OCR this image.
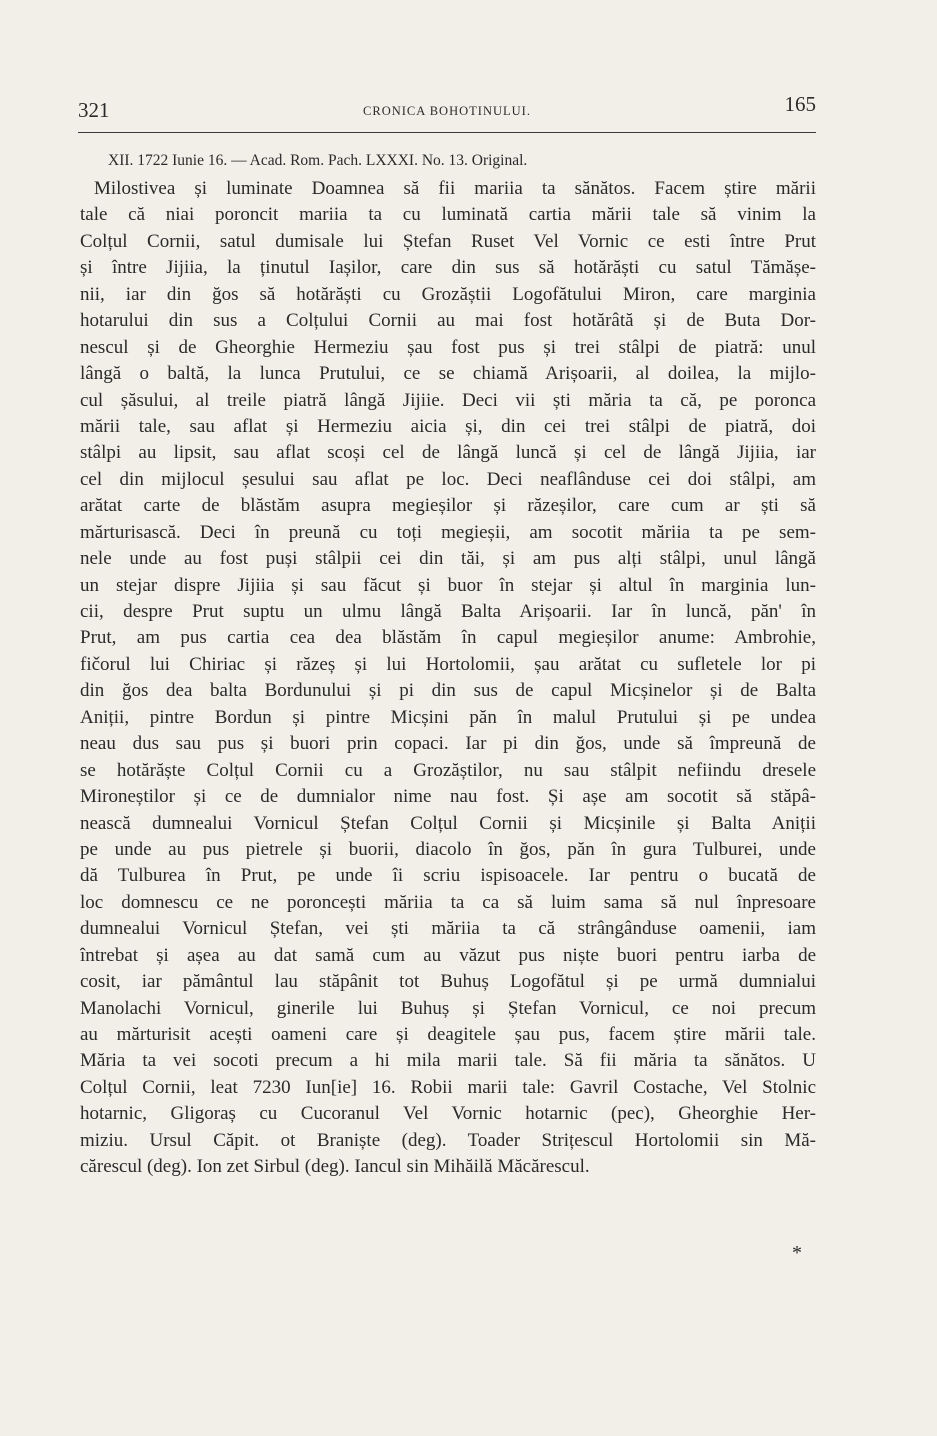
321	CRONICA BOHOTINULUI.	165
XII. 1722 Iunie 16. — Acad. Rom. Pach. LXXXI. No. 13. Original.
Milostivea și luminate Doamnea să fii mariia ta sănătos. Facem știre mării
tale că niai poroncit mariia ta cu luminată cartia mării tale să vinim la
Colțul Cornii, satul dumisale lui Ștefan Ruset Vel Vornic ce esti între Prut
și între Jijiia, la ținutul Iașilor, care din sus să hotărăști cu satul Tămășe-
nii, iar din ğos să hotărăști cu Grozăștii Logofătului Miron, care marginia
hotarului din sus a Colțului Cornii au mai fost hotărâtă și de Buta Dor-
nescul și de Gheorghie Hermeziu șau fost pus și trei stâlpi de piatră: unul
lângă o baltă, la lunca Prutului, ce se chiamă Arișoarii, al doilea, la mijlo-
cul șăsului, al treile piatră lângă Jijiie. Deci vii ști măria ta că, pe poronca
mării tale, sau aflat și Hermeziu aicia și, din cei trei stâlpi de piatră, doi
stâlpi au lipsit, sau aflat scoși cel de lângă luncă și cel de lângă Jijiia, iar
cel din mijlocul șesului sau aflat pe loc. Deci neaflânduse cei doi stâlpi, am
arătat carte de blăstăm asupra megieșilor și răzeșilor, care cum ar ști să
mărturisască. Deci în preună cu toți megieșii, am socotit măriia ta pe sem-
nele unde au fost puși stâlpii cei din tăi, și am pus alți stâlpi, unul lângă
un stejar dispre Jijiia și sau făcut și buor în stejar și altul în marginia lun-
cii, despre Prut suptu un ulmu lângă Balta Arișoarii. Iar în luncă, păn' în
Prut, am pus cartia cea dea blăstăm în capul megieșilor anume: Ambrohie,
fičorul lui Chiriac și răzeș și lui Hortolomii, șau arătat cu sufletele lor pi
din ğos dea balta Bordunului și pi din sus de capul Micșinelor și de Balta
Aniții, pintre Bordun și pintre Micșini păn în malul Prutului și pe undea
neau dus sau pus și buori prin copaci. Iar pi din ğos, unde să împreună de
se hotărăște Colțul Cornii cu a Grozăștilor, nu sau stâlpit nefiindu dresele
Mironeștilor și ce de dumnialor nime nau fost. Și așe am socotit să stăpâ-
nească dumnealui Vornicul Ștefan Colțul Cornii și Micșinile și Balta Aniții
pe unde au pus pietrele și buorii, diacolo în ğos, păn în gura Tulburei, unde
dă Tulburea în Prut, pe unde îi scriu ispisoacele. Iar pentru o bucată de
loc domnescu ce ne poroncești măriia ta ca să luim sama să nul înpresoare
dumnealui Vornicul Ștefan, vei ști măriia ta că strângânduse oamenii, iam
întrebat și așea au dat samă cum au văzut pus niște buori pentru iarba de
cosit, iar pământul lau stăpânit tot Buhuș Logofătul și pe urmă dumnialui
Manolachi Vornicul, ginerile lui Buhuș și Ștefan Vornicul, ce noi precum
au mărturisit acești oameni care și deagitele șau pus, facem știre mării tale.
Măria ta vei socoti precum a hi mila marii tale. Să fii măria ta sănătos. U
Colțul Cornii, leat 7230 Iun[ie] 16. Robii marii tale: Gavril Costache, Vel Stolnic
hotarnic, Gligoraș cu Cucoranul Vel Vornic hotarnic (pec), Gheorghie Her-
miziu. Ursul Căpit. ot Braniște (deg). Toader Strițescul Hortolomii sin Mă-
cărescul (deg). Ion zet Sirbul (deg). Iancul sin Mihăilă Măcărescul.
*
